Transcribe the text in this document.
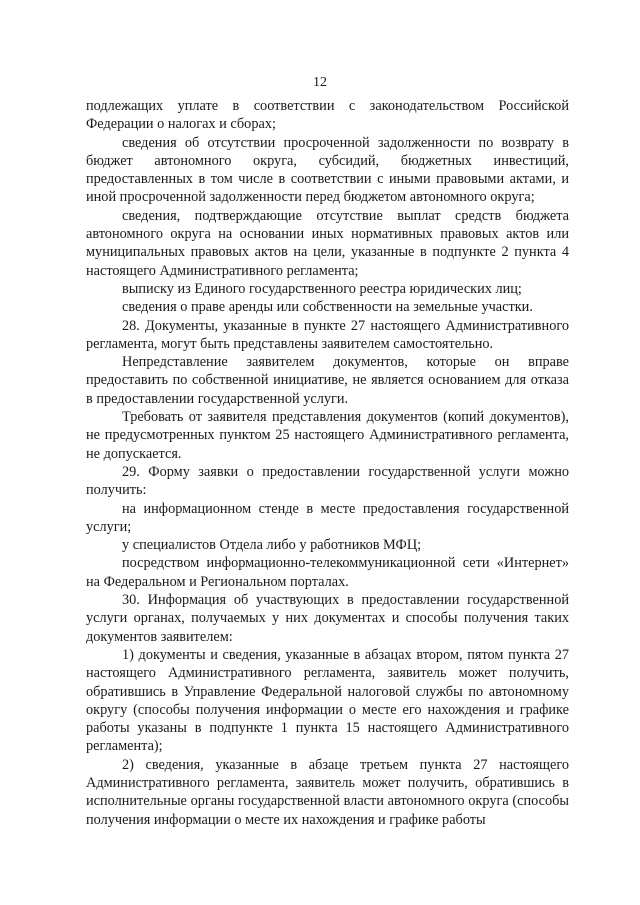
12

подлежащих уплате в соответствии с законодательством Российской Федерации о налогах и сборах;

сведения об отсутствии просроченной задолженности по возврату в бюджет автономного округа, субсидий, бюджетных инвестиций, предоставленных в том числе в соответствии с иными правовыми актами, и иной просроченной задолженности перед бюджетом автономного округа;

сведения, подтверждающие отсутствие выплат средств бюджета автономного округа на основании иных нормативных правовых актов или муниципальных правовых актов на цели, указанные в подпункте 2 пункта 4 настоящего Административного регламента;

выписку из Единого государственного реестра юридических лиц;

сведения о праве аренды или собственности на земельные участки.

28. Документы, указанные в пункте 27 настоящего Административного регламента, могут быть представлены заявителем самостоятельно.

Непредставление заявителем документов, которые он вправе предоставить по собственной инициативе, не является основанием для отказа в предоставлении государственной услуги.

Требовать от заявителя представления документов (копий документов), не предусмотренных пунктом 25 настоящего Административного регламента, не допускается.

29. Форму заявки о предоставлении государственной услуги можно получить:

на информационном стенде в месте предоставления государственной услуги;

у специалистов Отдела либо у работников МФЦ;

посредством информационно-телекоммуникационной сети «Интернет» на Федеральном и Региональном порталах.

30. Информация об участвующих в предоставлении государственной услуги органах, получаемых у них документах и способы получения таких документов заявителем:

1) документы и сведения, указанные в абзацах втором, пятом пункта 27 настоящего Административного регламента, заявитель может получить, обратившись в Управление Федеральной налоговой службы по автономному округу (способы получения информации о месте его нахождения и графике работы указаны в подпункте 1 пункта 15 настоящего Административного регламента);

2) сведения, указанные в абзаце третьем пункта 27 настоящего Административного регламента, заявитель может получить, обратившись в исполнительные органы государственной власти автономного округа (способы получения информации о месте их нахождения и графике работы
